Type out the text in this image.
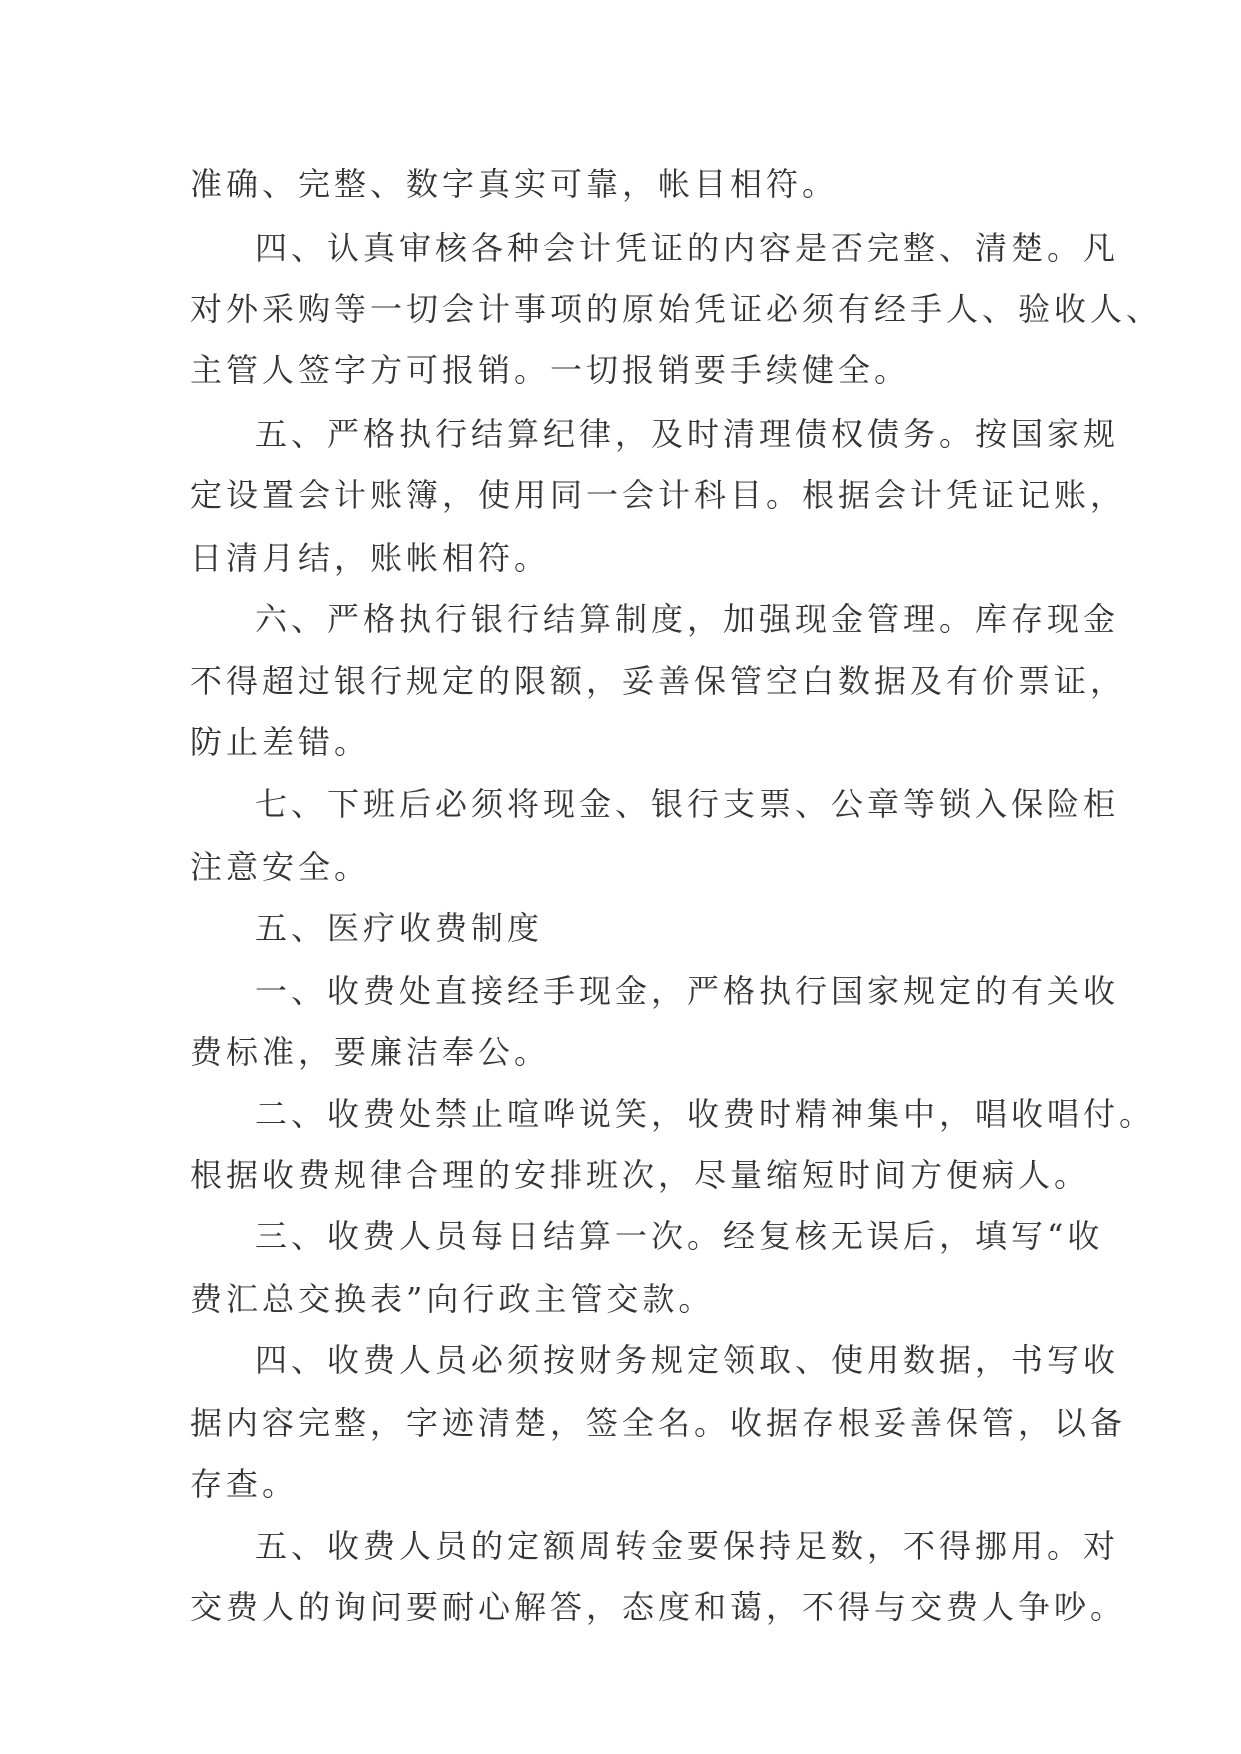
准确、完整、数字真实可靠，帐目相符。
四、认真审核各种会计凭证的内容是否完整、清楚。凡
对外采购等一切会计事项的原始凭证必须有经手人、验收人、
主管人签字方可报销。一切报销要手续健全。
五、严格执行结算纪律，及时清理债权债务。按国家规
定设置会计账簿，使用同一会计科目。根据会计凭证记账，
日清月结，账帐相符。
六、严格执行银行结算制度，加强现金管理。库存现金
不得超过银行规定的限额，妥善保管空白数据及有价票证，
防止差错。
七、下班后必须将现金、银行支票、公章等锁入保险柜
注意安全。
五、医疗收费制度
一、收费处直接经手现金，严格执行国家规定的有关收
费标准，要廉洁奉公。
二、收费处禁止喧哗说笑，收费时精神集中，唱收唱付。
根据收费规律合理的安排班次，尽量缩短时间方便病人。
三、收费人员每日结算一次。经复核无误后，填写“收
费汇总交换表”向行政主管交款。
四、收费人员必须按财务规定领取、使用数据，书写收
据内容完整，字迹清楚，签全名。收据存根妥善保管，以备
存查。
五、收费人员的定额周转金要保持足数，不得挪用。对
交费人的询问要耐心解答，态度和蔼，不得与交费人争吵。
